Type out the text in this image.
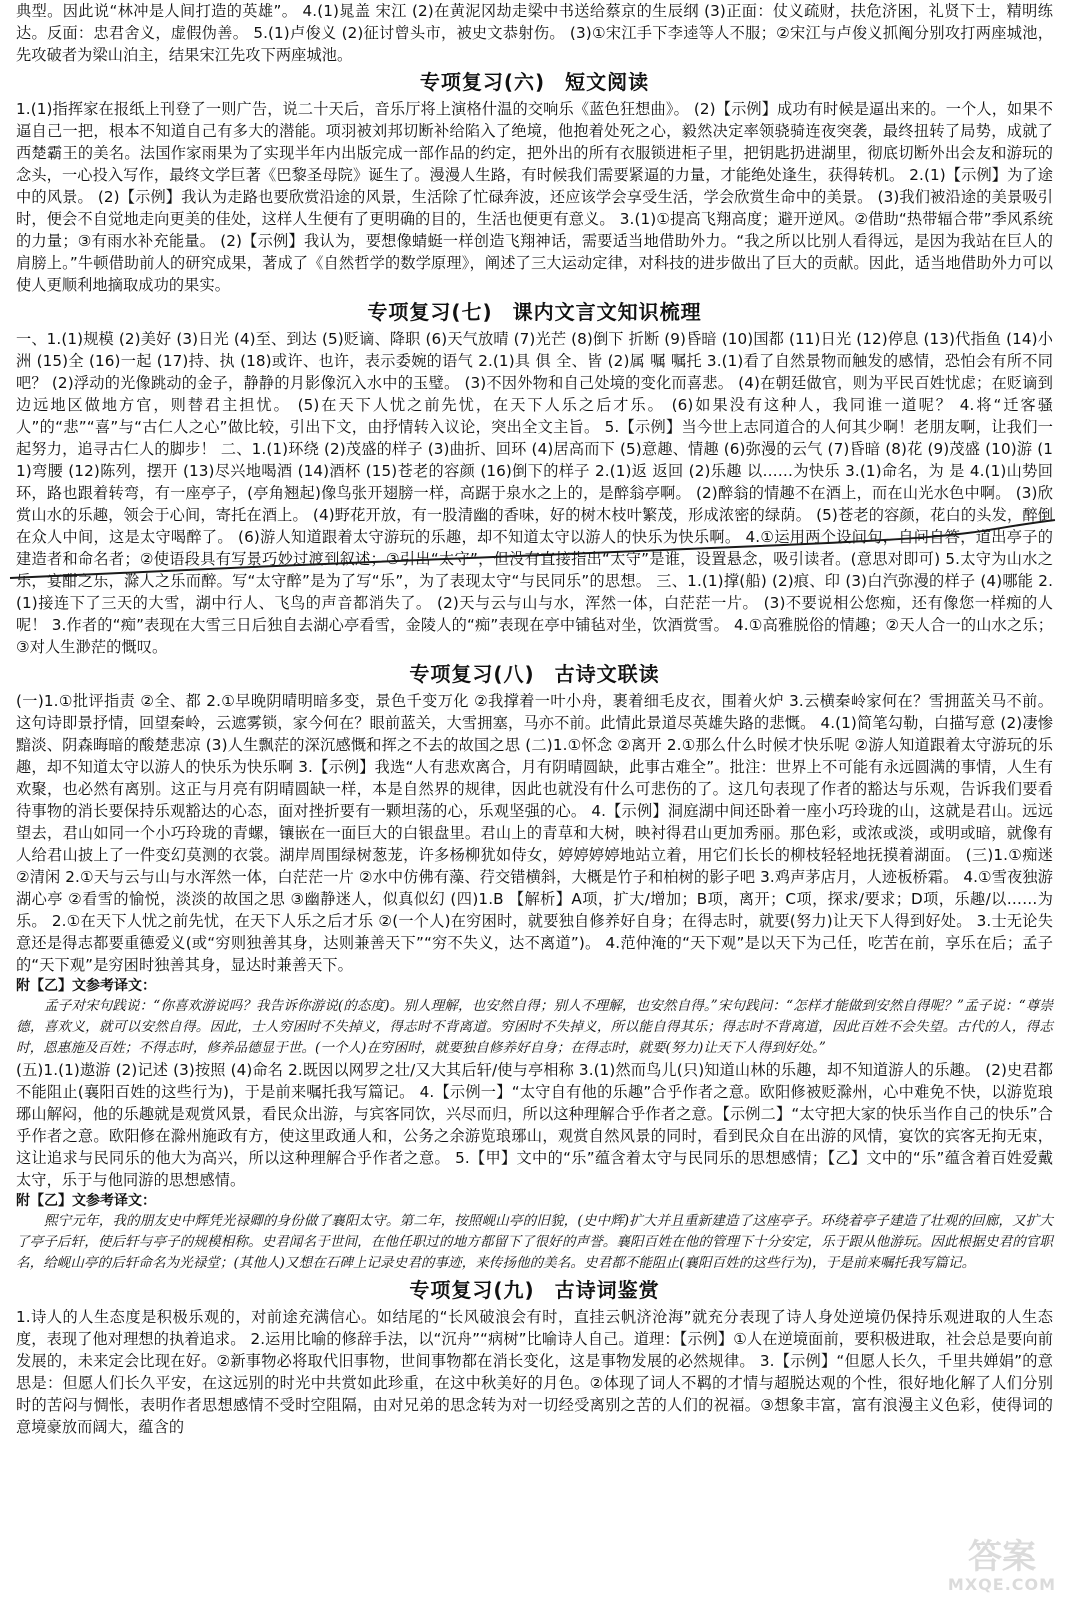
典型。因此说“林冲是人间打造的英雄”。 4.(1)晁盖 宋江 (2)在黄泥冈劫走梁中书送给蔡京的生辰纲 (3)正面：仗义疏财，扶危济困，礼贤下士，精明练达。反面：忠君舍义，虚假伪善。 5.(1)卢俊义 (2)征讨曾头市，被史文恭射伤。 (3)①宋江手下李逵等人不服；②宋江与卢俊义抓阄分别攻打两座城池，先攻破者为梁山泊主，结果宋江先攻下两座城池。

专项复习(六) 短文阅读

1.(1)指挥家在报纸上刊登了一则广告，说二十天后，音乐厅将上演格什温的交响乐《蓝色狂想曲》。 (2)【示例】成功有时候是逼出来的。一个人，如果不逼自己一把，根本不知道自己有多大的潜能。项羽被刘邦切断补给陷入了绝境，他抱着处死之心，毅然决定率领骁骑连夜突袭，最终扭转了局势，成就了西楚霸王的美名。法国作家雨果为了实现半年内出版完成一部作品的约定，把外出的所有衣服锁进柜子里，把钥匙扔进湖里，彻底切断外出会友和游玩的念头，一心投入写作，最终文学巨著《巴黎圣母院》诞生了。漫漫人生路，有时候我们需要紧逼的力量，才能绝处逢生，获得转机。 2.(1)【示例】为了途中的风景。 (2)【示例】我认为走路也要欣赏沿途的风景，生活除了忙碌奔波，还应该学会享受生活，学会欣赏生命中的美景。 (3)我们被沿途的美景吸引时，便会不自觉地走向更美的佳处，这样人生便有了更明确的目的，生活也便更有意义。 3.(1)①提高飞翔高度；避开逆风。②借助“热带辐合带”季风系统的力量；③有雨水补充能量。 (2)【示例】我认为，要想像蜻蜓一样创造飞翔神话，需要适当地借助外力。“我之所以比别人看得远，是因为我站在巨人的肩膀上。”牛顿借助前人的研究成果，著成了《自然哲学的数学原理》，阐述了三大运动定律，对科技的进步做出了巨大的贡献。因此，适当地借助外力可以使人更顺利地摘取成功的果实。

专项复习(七) 课内文言文知识梳理

一、1.(1)规模 (2)美好 (3)日光 (4)至、到达 (5)贬谪、降职 (6)天气放晴 (7)光芒 (8)倒下 折断 (9)昏暗 (10)国都 (11)日光 (12)停息 (13)代指鱼 (14)小洲 (15)全 (16)一起 (17)持、执 (18)或许、也许，表示委婉的语气 2.(1)具 俱 全、皆 (2)属 嘱 嘱托 3.(1)看了自然景物而触发的感情，恐怕会有所不同吧？ (2)浮动的光像跳动的金子，静静的月影像沉入水中的玉璧。 (3)不因外物和自己处境的变化而喜悲。 (4)在朝廷做官，则为平民百姓忧虑；在贬谪到边远地区做地方官，则替君主担忧。 (5)在天下人忧之前先忧，在天下人乐之后才乐。 (6)如果没有这种人，我同谁一道呢？ 4.将“迁客骚人”的“悲”“喜”与“古仁人之心”做比较，引出下文，由抒情转入议论，突出全文主旨。 5.【示例】当今世上志同道合的人何其少啊！老朋友啊，让我们一起努力，追寻古仁人的脚步！ 二、1.(1)环绕 (2)茂盛的样子 (3)曲折、回环 (4)居高而下 (5)意趣、情趣 (6)弥漫的云气 (7)昏暗 (8)花 (9)茂盛 (10)游 (11)弯腰 (12)陈列，摆开 (13)尽兴地喝酒 (14)酒杯 (15)苍老的容颜 (16)倒下的样子 2.(1)返 返回 (2)乐趣 以……为快乐 3.(1)命名，为 是 4.(1)山势回环，路也跟着转弯，有一座亭子，(亭角翘起)像鸟张开翅膀一样，高踞于泉水之上的，是醉翁亭啊。 (2)醉翁的情趣不在酒上，而在山光水色中啊。 (3)欣赏山水的乐趣，领会于心间，寄托在酒上。 (4)野花开放，有一股清幽的香味，好的树木枝叶繁茂，形成浓密的绿荫。 (5)苍老的容颜，花白的头发，醉倒在众人中间，这是太守喝醉了。 (6)游人知道跟着太守游玩的乐趣，却不知道太守以游人的快乐为快乐啊。 4.①运用两个设问句，自问自答，道出亭子的建造者和命名者；②使语段具有写景巧妙过渡到叙述；③引出“太守”，但没有直接指出“太守”是谁，设置悬念，吸引读者。(意思对即可) 5.太守为山水之乐，宴酣之乐，滁人之乐而醉。写“太守醉”是为了写“乐”，为了表现太守“与民同乐”的思想。 三、1.(1)撑(船) (2)痕、印 (3)白汽弥漫的样子 (4)哪能 2.(1)接连下了三天的大雪，湖中行人、飞鸟的声音都消失了。 (2)天与云与山与水，浑然一体，白茫茫一片。 (3)不要说相公您痴，还有像您一样痴的人呢！ 3.作者的“痴”表现在大雪三日后独自去湖心亭看雪，金陵人的“痴”表现在亭中铺毡对坐，饮酒赏雪。 4.①高雅脱俗的情趣；②天人合一的山水之乐；③对人生渺茫的慨叹。

专项复习(八) 古诗文联读

(一)1.①批评指责 ②全、都 2.①早晚阴晴明暗多变，景色千变万化 ②我撑着一叶小舟，裹着细毛皮衣，围着火炉 3.云横秦岭家何在？雪拥蓝关马不前。 这句诗即景抒情，回望秦岭，云遮雾锁，家今何在？眼前蓝关，大雪拥塞，马亦不前。此情此景道尽英雄失路的悲慨。 4.(1)简笔勾勒，白描写意 (2)凄惨黯淡、阴森晦暗的酸楚悲凉 (3)人生飘茫的深沉感慨和挥之不去的故国之思 (二)1.①怀念 ②离开 2.①那么什么时候才快乐呢 ②游人知道跟着太守游玩的乐趣，却不知道太守以游人的快乐为快乐啊 3.【示例】我选“人有悲欢离合，月有阴晴圆缺，此事古难全”。批注：世界上不可能有永远圆满的事情，人生有欢聚，也必然有离别。这正与月亮有阴晴圆缺一样，本是自然界的规律，因此也就没有什么可悲伤的了。这几句表现了作者的豁达与乐观，告诉我们要看待事物的消长要保持乐观豁达的心态，面对挫折要有一颗坦荡的心，乐观坚强的心。 4.【示例】洞庭湖中间还卧着一座小巧玲珑的山，这就是君山。远远望去，君山如同一个小巧玲珑的青螺，镶嵌在一面巨大的白银盘里。君山上的青草和大树，映衬得君山更加秀丽。那色彩，或浓或淡，或明或暗，就像有人给君山披上了一件变幻莫测的衣裳。湖岸周围绿树葱茏，许多杨柳犹如侍女，婷婷婷婷地站立着，用它们长长的柳枝轻轻地抚摸着湖面。 (三)1.①痴迷 ②清闲 2.①天与云与山与水浑然一体，白茫茫一片 ②水中仿佛有藻、荇交错横斜，大概是竹子和柏树的影子吧 3.鸡声茅店月，人迹板桥霜。 4.①雪夜独游湖心亭 ②看雪的愉悦，淡淡的故国之思 ③幽静迷人，似真似幻 (四)1.B 【解析】A项，扩大/增加；B项，离开；C项，探求/要求；D项，乐趣/以……为乐。 2.①在天下人忧之前先忧，在天下人乐之后才乐 ②(一个人)在穷困时，就要独自修养好自身；在得志时，就要(努力)让天下人得到好处。 3.士无论失意还是得志都要重德爱义(或“穷则独善其身，达则兼善天下”“穷不失义，达不离道”)。 4.范仲淹的“天下观”是以天下为己任，吃苦在前，享乐在后；孟子的“天下观”是穷困时独善其身，显达时兼善天下。

附【乙】文参考译文：

孟子对宋句践说：“你喜欢游说吗？我告诉你游说(的态度)。别人理解，也安然自得；别人不理解，也安然自得。”宋句践问：“怎样才能做到安然自得呢？”孟子说：“尊崇德，喜欢义，就可以安然自得。因此，士人穷困时不失掉义，得志时不背离道。穷困时不失掉义，所以能自得其乐；得志时不背离道，因此百姓不会失望。古代的人，得志时，恩惠施及百姓；不得志时，修养品德显于世。(一个人)在穷困时，就要独自修养好自身；在得志时，就要(努力)让天下人得到好处。”

(五)1.(1)遨游 (2)记述 (3)按照 (4)命名 2.既因以网罗之壮/又大其后轩/使与亭相称 3.(1)然而鸟儿(只)知道山林的乐趣，却不知道游人的乐趣。 (2)史君都不能阻止(襄阳百姓的这些行为)，于是前来嘱托我写篇记。 4.【示例一】“太守自有他的乐趣”合乎作者之意。欧阳修被贬滁州，心中难免不快，以游览琅琊山解闷，他的乐趣就是观赏风景，看民众出游，与宾客同饮，兴尽而归，所以这种理解合乎作者之意。【示例二】“太守把大家的快乐当作自己的快乐”合乎作者之意。欧阳修在滁州施政有方，使这里政通人和，公务之余游览琅琊山，观赏自然风景的同时，看到民众自在出游的风情，宴饮的宾客无拘无束，这让追求与民同乐的他大为高兴，所以这种理解合乎作者之意。 5.【甲】文中的“乐”蕴含着太守与民同乐的思想感情；【乙】文中的“乐”蕴含着百姓爱戴太守，乐于与他同游的思想感情。

附【乙】文参考译文：

熙宁元年，我的朋友史中辉凭光禄卿的身份做了襄阳太守。第二年，按照岘山亭的旧貌，(史中辉)扩大并且重新建造了这座亭子。环绕着亭子建造了壮观的回廊，又扩大了亭子后轩，使后轩与亭子的规模相称。史君闻名于世间，在他任职过的地方都留下了很好的声誉。襄阳百姓在他的管理下十分安定，乐于跟从他游玩。因此根据史君的官职名，给岘山亭的后轩命名为光禄堂；(其他人)又想在石碑上记录史君的事迹，来传扬他的美名。史君都不能阻止(襄阳百姓的这些行为)，于是前来嘱托我写篇记。

专项复习(九) 古诗词鉴赏

1.诗人的人生态度是积极乐观的，对前途充满信心。如结尾的“长风破浪会有时，直挂云帆济沧海”就充分表现了诗人身处逆境仍保持乐观进取的人生态度，表现了他对理想的执着追求。 2.运用比喻的修辞手法，以“沉舟”“病树”比喻诗人自己。道理：【示例】①人在逆境面前，要积极进取，社会总是要向前发展的，未来定会比现在好。②新事物必将取代旧事物，世间事物都在消长变化，这是事物发展的必然规律。 3.【示例】“但愿人长久，千里共婵娟”的意思是：但愿人们长久平安，在这远别的时光中共赏如此珍重，在这中秋美好的月色。②体现了词人不羁的才情与超脱达观的个性，很好地化解了人们分别时的苦闷与惆怅，表明作者思想感情不受时空阻隔，由对兄弟的思念转为对一切经受离别之苦的人们的祝福。③想象丰富，富有浪漫主义色彩，使得词的意境豪放而阔大，蕴含的

答案
MXQE.COM
